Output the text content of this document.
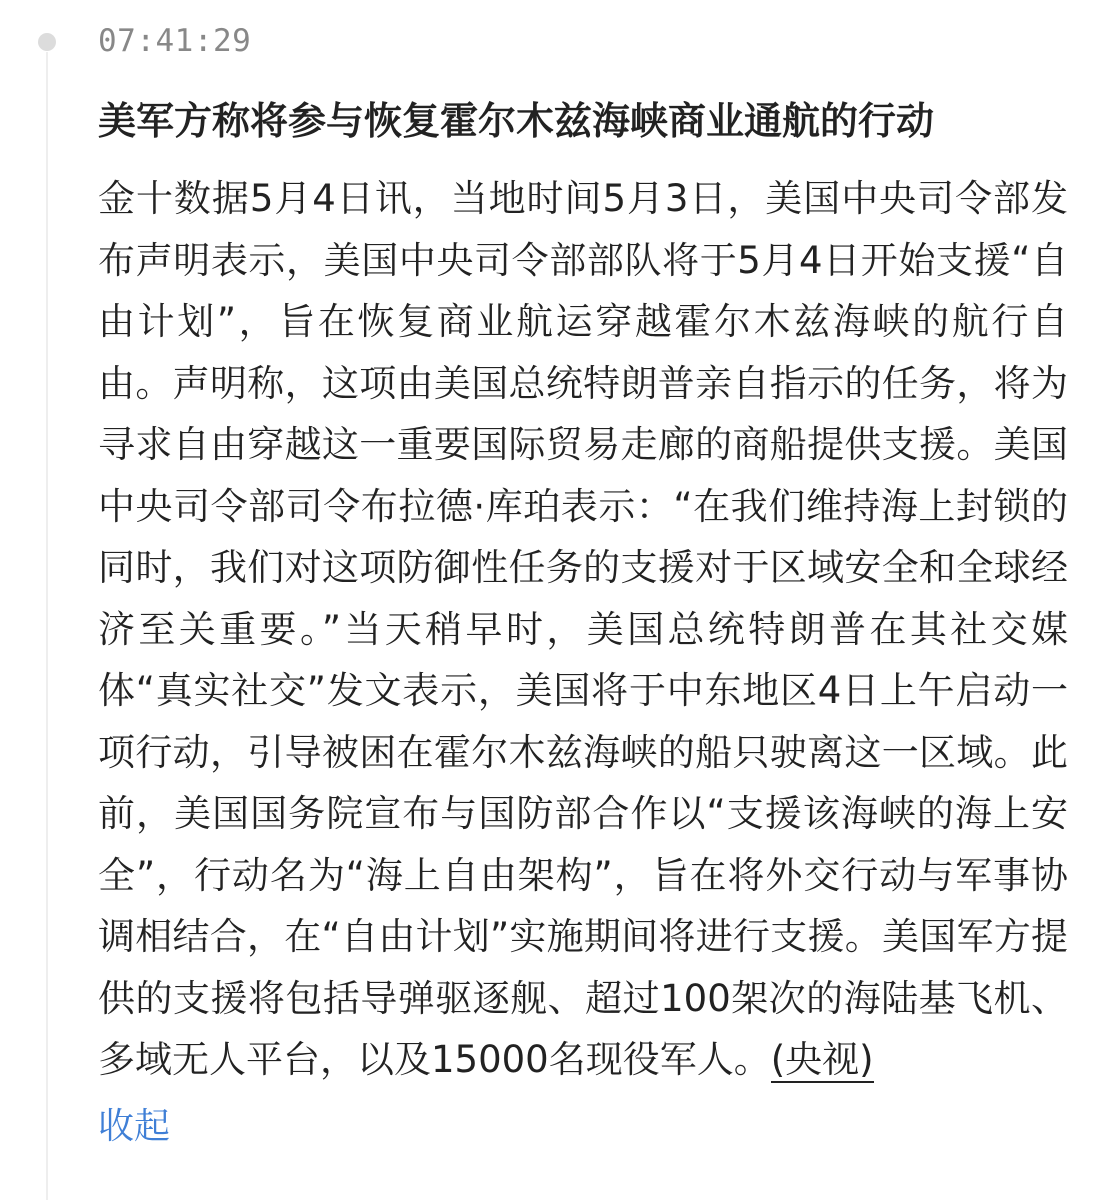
07:41:29
美军方称将参与恢复霍尔木兹海峡商业通航的行动
金十数据5月4日讯，当地时间5月3日，美国中央司令部发布声明表示，美国中央司令部部队将于5月4日开始支援“自由计划”，旨在恢复商业航运穿越霍尔木兹海峡的航行自由。声明称，这项由美国总统特朗普亲自指示的任务，将为寻求自由穿越这一重要国际贸易走廊的商船提供支援。美国中央司令部司令布拉德·库珀表示：“在我们维持海上封锁的同时，我们对这项防御性任务的支援对于区域安全和全球经济至关重要。”当天稍早时，美国总统特朗普在其社交媒体“真实社交”发文表示，美国将于中东地区4日上午启动一项行动，引导被困在霍尔木兹海峡的船只驶离这一区域。此前，美国国务院宣布与国防部合作以“支援该海峡的海上安全”，行动名为“海上自由架构”，旨在将外交行动与军事协调相结合，在“自由计划”实施期间将进行支援。美国军方提供的支援将包括导弹驱逐舰、超过100架次的海陆基飞机、多域无人平台，以及15000名现役军人。(央视)
收起
